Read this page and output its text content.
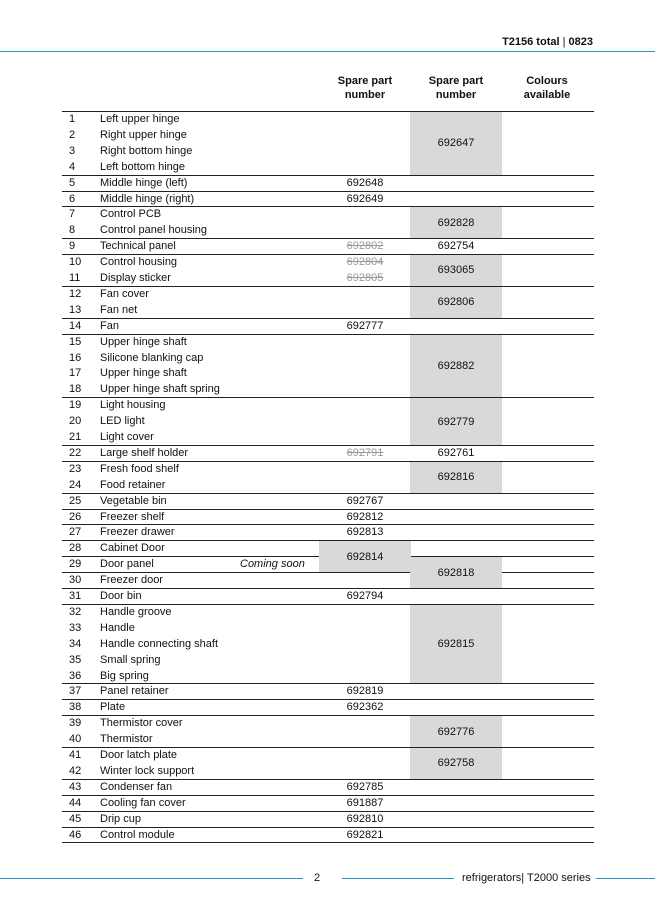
T2156 total | 0823
Spare part
number
Spare part
number
Colours
available
1 Left upper hinge
2 Right upper hinge
3 Right bottom hinge
4 Left bottom hinge
5 Middle hinge (left)
6 Middle hinge (right)
7 Control PCB
8 Control panel housing
9 Technical panel
10 Control housing
11 Display sticker
12 Fan cover
13 Fan net
14 Fan
15 Upper hinge shaft
16 Silicone blanking cap
17 Upper hinge shaft
18 Upper hinge shaft spring
19 Light housing
20 LED light
21 Light cover
22 Large shelf holder
23 Fresh food shelf
24 Food retainer
25 Vegetable bin
26 Freezer shelf
27 Freezer drawer
28 Cabinet Door
29 Door panel	Coming soon
30 Freezer door
31 Door bin
32 Handle groove
33 Handle
34 Handle connecting shaft
35 Small spring
36 Big spring
37 Panel retainer
38 Plate
39 Thermistor cover
40 Thermistor
41 Door latch plate
42 Winter lock support
43 Condenser fan
44 Cooling fan cover
45 Drip cup
46 Control module
692648
692649
692802
692804
692805
692777
692791
692767
692812
692813
692814
692794
692819
692362
692785
691887
692810
692821
692647
692828
692754
693065
692806
692882
692779
692761
692816
692818
692815
692776
692758
2	refrigerators| T2000 series
